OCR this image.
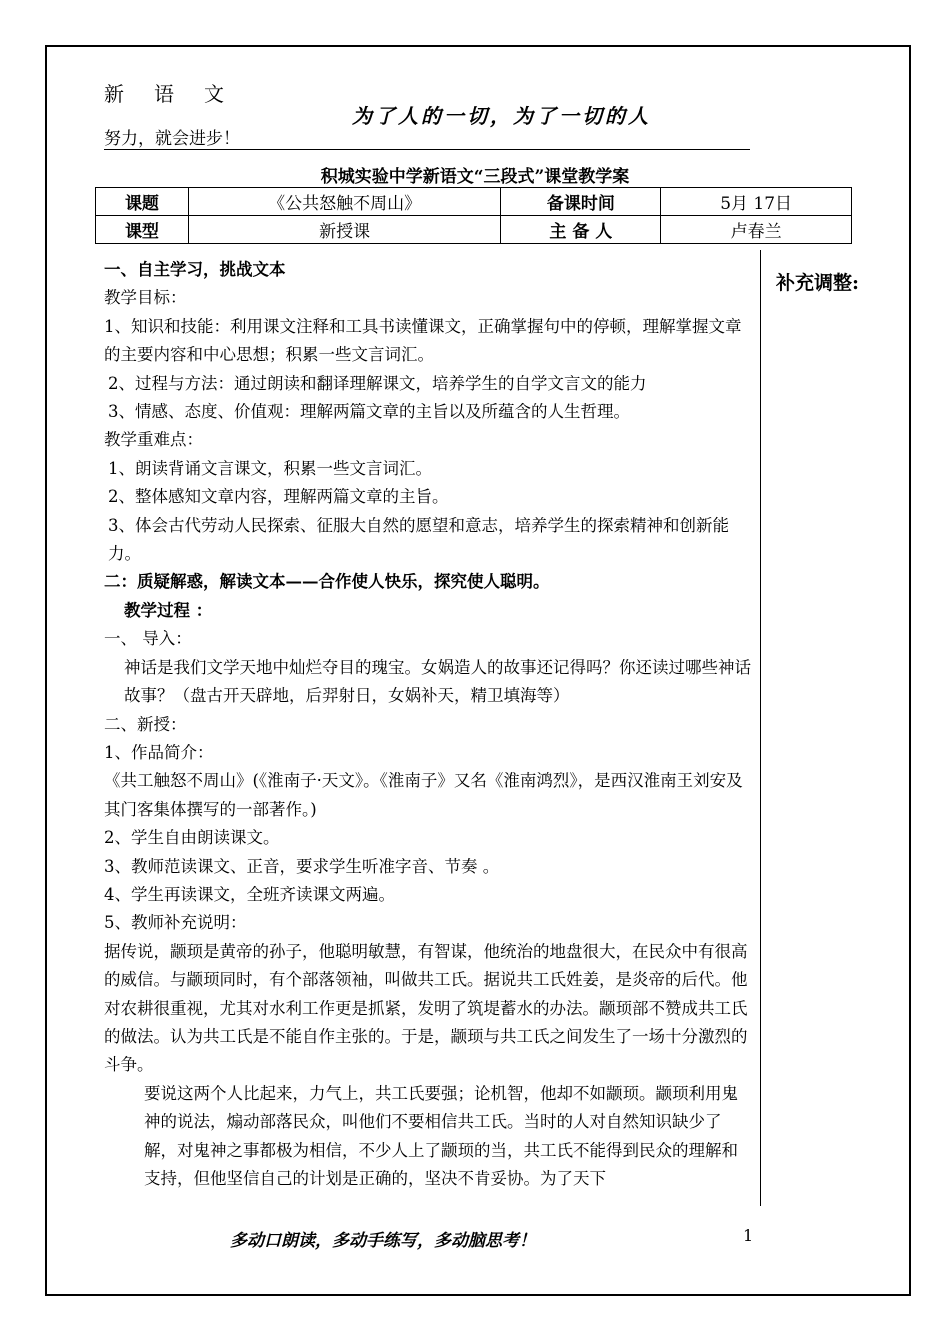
新语文
为了人的一切，为了一切的人
努力，就会进步！
积城实验中学新语文“三段式”课堂教学案
课题	《公共怒触不周山》	备课时间	5月 17日
课型	新授课	主 备 人	卢春兰
补充调整:

一、自主学习，挑战文本

教学目标：

1、知识和技能：利用课文注释和工具书读懂课文，正确掌握句中的停顿，理解掌握文章的主要内容和中心思想；积累一些文言词汇。

2、过程与方法：通过朗读和翻译理解课文，培养学生的自学文言文的能力

3、情感、态度、价值观：理解两篇文章的主旨以及所蕴含的人生哲理。

教学重难点：

1、朗读背诵文言课文，积累一些文言词汇。

2、整体感知文章内容，理解两篇文章的主旨。

3、体会古代劳动人民探索、征服大自然的愿望和意志，培养学生的探索精神和创新能力。

二：质疑解惑，解读文本——合作使人快乐，探究使人聪明。

教学过程 ：

一、 导入：

神话是我们文学天地中灿烂夺目的瑰宝。女娲造人的故事还记得吗？你还读过哪些神话故事？（盘古开天辟地，后羿射日，女娲补天，精卫填海等）

二、新授：

1、作品简介：

《共工触怒不周山》(《淮南子·天文》。《淮南子》又名《淮南鸿烈》，是西汉淮南王刘安及其门客集体撰写的一部著作。)

2、学生自由朗读课文。

3、教师范读课文、正音，要求学生听准字音、节奏 。

4、学生再读课文，全班齐读课文两遍。

5、教师补充说明：

据传说，颛顼是黄帝的孙子，他聪明敏慧，有智谋，他统治的地盘很大，在民众中有很高的威信。与颛顼同时，有个部落领袖，叫做共工氏。据说共工氏姓姜，是炎帝的后代。他对农耕很重视，尤其对水利工作更是抓紧，发明了筑堤蓄水的办法。颛顼部不赞成共工氏的做法。认为共工氏是不能自作主张的。于是，颛顼与共工氏之间发生了一场十分激烈的斗争。

要说这两个人比起来，力气上，共工氏要强；论机智，他却不如颛顼。颛顼利用鬼神的说法，煽动部落民众，叫他们不要相信共工氏。当时的人对自然知识缺少了解，对鬼神之事都极为相信，不少人上了颛顼的当，共工氏不能得到民众的理解和支持，但他坚信自己的计划是正确的，坚决不肯妥协。为了天下

多动口朗读，多动手练写，多动脑思考！	1
